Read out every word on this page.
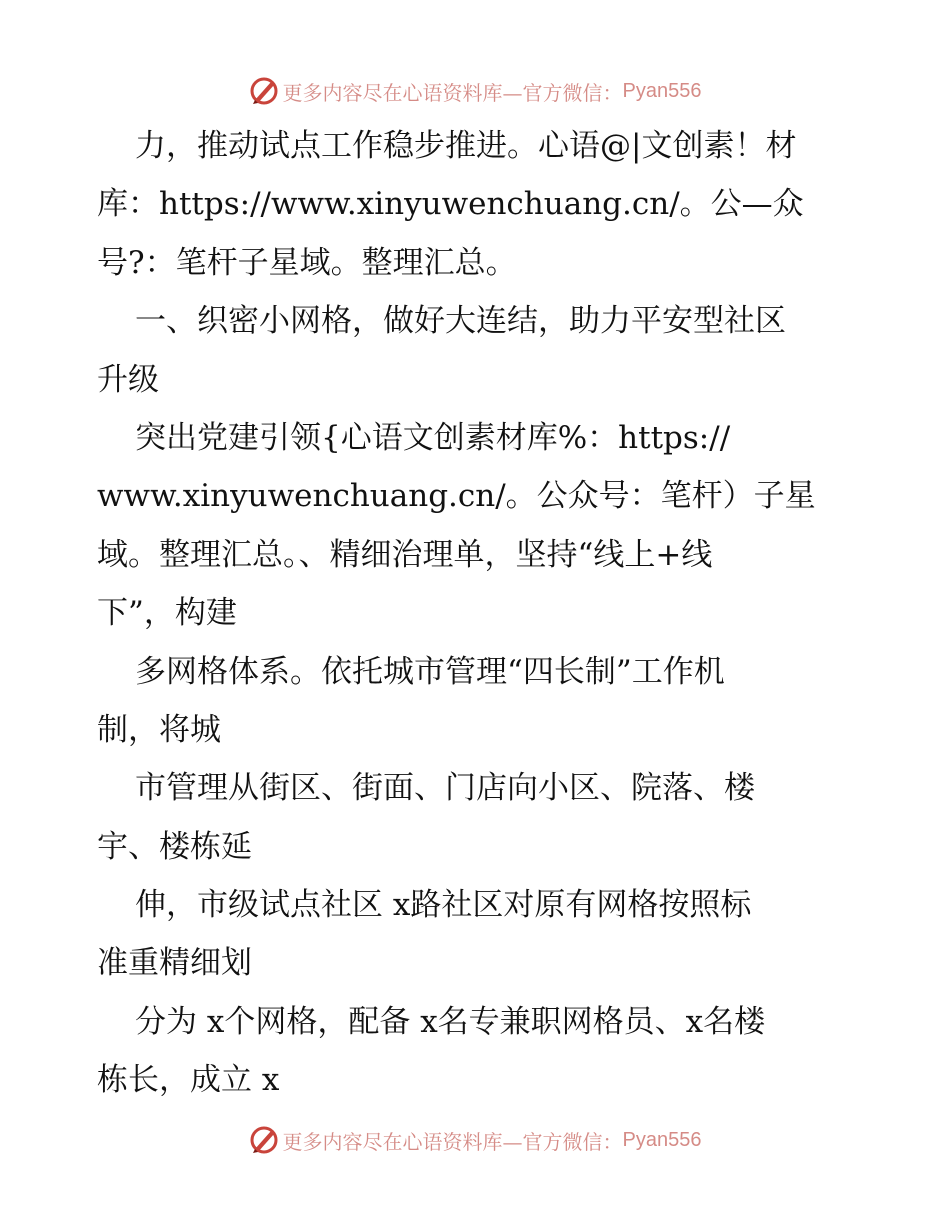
更多内容尽在心语资料库—官方微信： Pyan556
力，推动试点工作稳步推进。心语@|文创素！材
库：https://www.xinyuwenchuang.cn/。公—众
号?：笔杆子星域。整理汇总。
一、织密小网格，做好大连结，助力平安型社区
升级
突出党建引领{心语文创素材库%：https://
www.xinyuwenchuang.cn/。公众号：笔杆）子星
域。整理汇总。、精细治理单，坚持“线上+线
下”，构建
多网格体系。依托城市管理“四长制”工作机
制，将城
市管理从街区、街面、门店向小区、院落、楼
宇、楼栋延
伸，市级试点社区 x路社区对原有网格按照标
准重精细划
分为 x个网格，配备 x名专兼职网格员、x名楼
栋长，成立 x
更多内容尽在心语资料库—官方微信： Pyan556
